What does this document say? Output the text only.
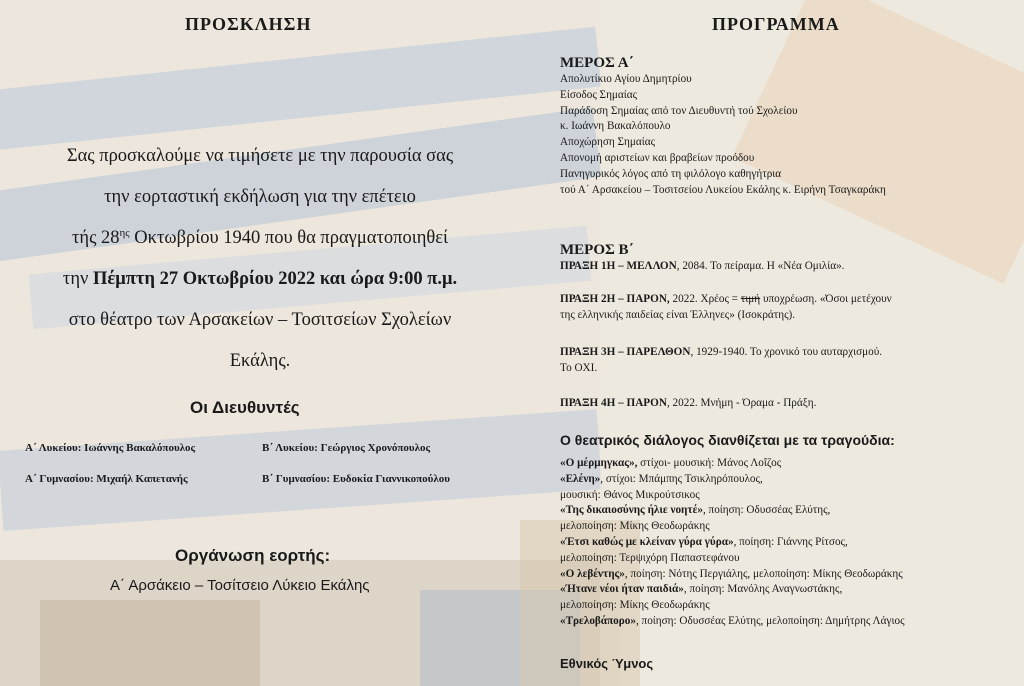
ΠΡΟΣΚΛΗΣΗ

Σας προσκαλούμε να τιμήσετε με την παρουσία σας

την εορταστική εκδήλωση για την επέτειο

τής $28^{\eta\varsigma}$ Οκτωβρίου 1940 που θα πραγματοποιηθεί

την Πέμπτη 27 Οκτωβρίου 2022 και ώρα 9:00 π.μ.

στο θέατρο των Αρσακείων – Τοσιτσείων Σχολείων

Εκάλης.

Οι Διευθυντές
Α΄ Λυκείου: Ιωάννης Βακαλόπουλος	Β΄ Λυκείου: Γεώργιος Χρονόπουλος
Α΄ Γυμνασίου: Μιχαήλ Καπετανής	Β΄ Γυμνασίου: Ευδοκία Γιαννικοπούλου
Οργάνωση εορτής:
Α΄ Αρσάκειο – Τοσίτσειο Λύκειο Εκάλης
ΠΡΟΓΡΑΜΜΑ
ΜΕΡΟΣ Α΄
Απολυτίκιο Αγίου Δημητρίου
Είσοδος Σημαίας
Παράδοση Σημαίας από τον Διευθυντή τού Σχολείου
κ. Ιωάννη Βακαλόπουλο
Αποχώρηση Σημαίας
Απονομή αριστείων και βραβείων προόδου
Πανηγυρικός λόγος από τη φιλόλογο καθηγήτρια
τού Α΄ Αρσακείου – Τοσιτσείου Λυκείου Εκάλης κ. Ειρήνη Τσαγκαράκη
ΜΕΡΟΣ Β΄
ΠΡΑΞΗ 1Η – ΜΕΛΛΟΝ, 2084. Το πείραμα. Η «Νέα Ομιλία».
ΠΡΑΞΗ 2Η – ΠΑΡΟΝ, 2022. Χρέος = τιμή υποχρέωση. «Όσοι μετέχουν
της ελληνικής παιδείας είναι Έλληνες» (Ισοκράτης).
ΠΡΑΞΗ 3Η – ΠΑΡΕΛΘΟΝ, 1929-1940. Το χρονικό του αυταρχισμού.
Το ΟΧΙ.
ΠΡΑΞΗ 4Η – ΠΑΡΟΝ, 2022. Μνήμη - Όραμα - Πράξη.
Ο θεατρικός διάλογος διανθίζεται με τα τραγούδια:
«Ο μέρμηγκας», στίχοι- μουσική: Μάνος Λοΐζος
«Ελένη», στίχοι: Μπάμπης Τσικληρόπουλος,
μουσική: Θάνος Μικρούτσικος
«Της δικαιοσύνης ήλιε νοητέ», ποίηση: Οδυσσέας Ελύτης,
μελοποίηση: Μίκης Θεοδωράκης
«Έτσι καθώς με κλείναν γύρα γύρα», ποίηση: Γιάννης Ρίτσος,
μελοποίηση: Τερψιχόρη Παπαστεφάνου
«Ο λεβέντης», ποίηση: Νότης Περγιάλης, μελοποίηση: Μίκης Θεοδωράκης
«Ήτανε νέοι ήταν παιδιά», ποίηση: Μανόλης Αναγνωστάκης,
μελοποίηση: Μίκης Θεοδωράκης
«Τρελοβάπορο», ποίηση: Οδυσσέας Ελύτης, μελοποίηση: Δημήτρης Λάγιος
Εθνικός Ύμνος
